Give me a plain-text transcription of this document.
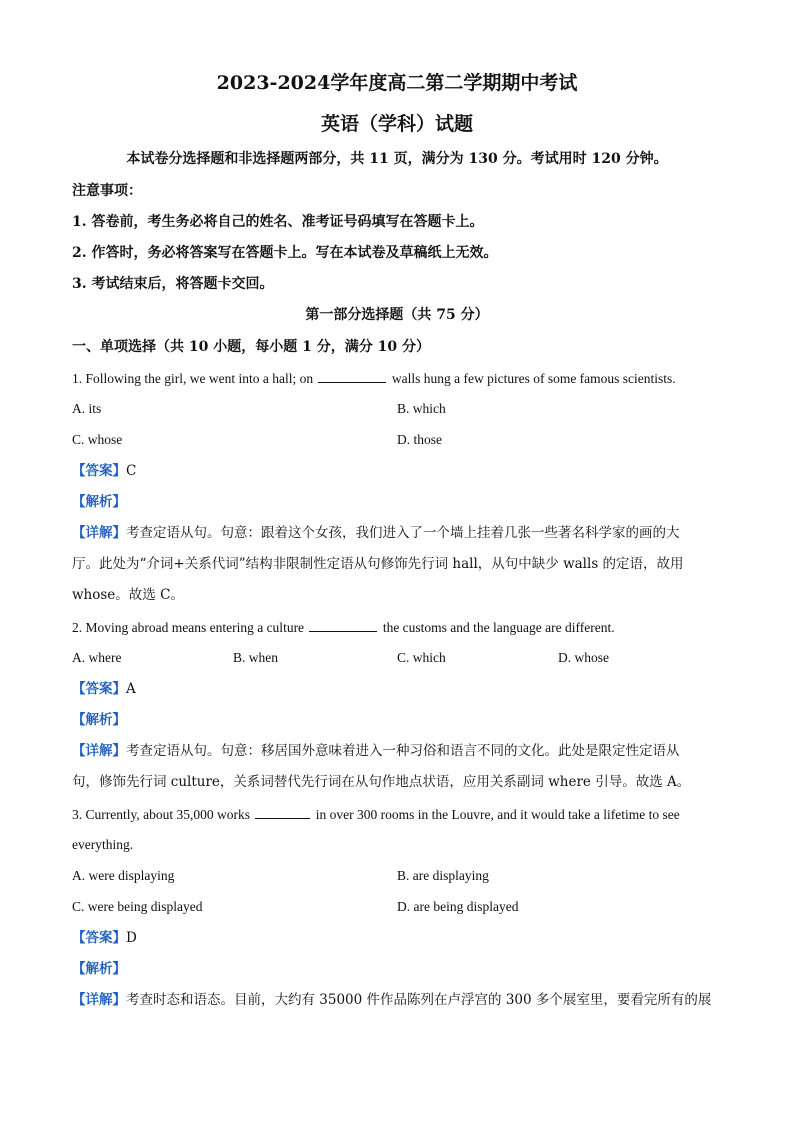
2023-2024学年度高二第二学期期中考试
英语（学科）试题
本试卷分选择题和非选择题两部分，共 11 页，满分为 130 分。考试用时 120 分钟。
注意事项：
1. 答卷前，考生务必将自己的姓名、准考证号码填写在答题卡上。
2. 作答时，务必将答案写在答题卡上。写在本试卷及草稿纸上无效。
3. 考试结束后，将答题卡交回。
第一部分选择题（共 75 分）
一、单项选择（共 10 小题，每小题 1 分，满分 10 分）
1. Following the girl, we went into a hall; on	walls hung a few pictures of some famous scientists.
A. its	B. which
C. whose	D. those
【答案】C
【解析】
【详解】考查定语从句。句意：跟着这个女孩，我们进入了一个墙上挂着几张一些著名科学家的画的大
厅。此处为“介词+关系代词”结构非限制性定语从句修饰先行词 hall，从句中缺少 walls 的定语，故用
whose。故选 C。
2. Moving abroad means entering a culture	the customs and the language are different.
A. where	B. when	C. which	D. whose
【答案】A
【解析】
【详解】考查定语从句。句意：移居国外意味着进入一种习俗和语言不同的文化。此处是限定性定语从
句，修饰先行词 culture，关系词替代先行词在从句作地点状语，应用关系副词 where 引导。故选 A。
3. Currently, about 35,000 works	in over 300 rooms in the Louvre, and it would take a lifetime to see
everything.
A. were displaying	B. are displaying
C. were being displayed	D. are being displayed
【答案】D
【解析】
【详解】考查时态和语态。目前，大约有 35000 件作品陈列在卢浮宫的 300 多个展室里，要看完所有的展
